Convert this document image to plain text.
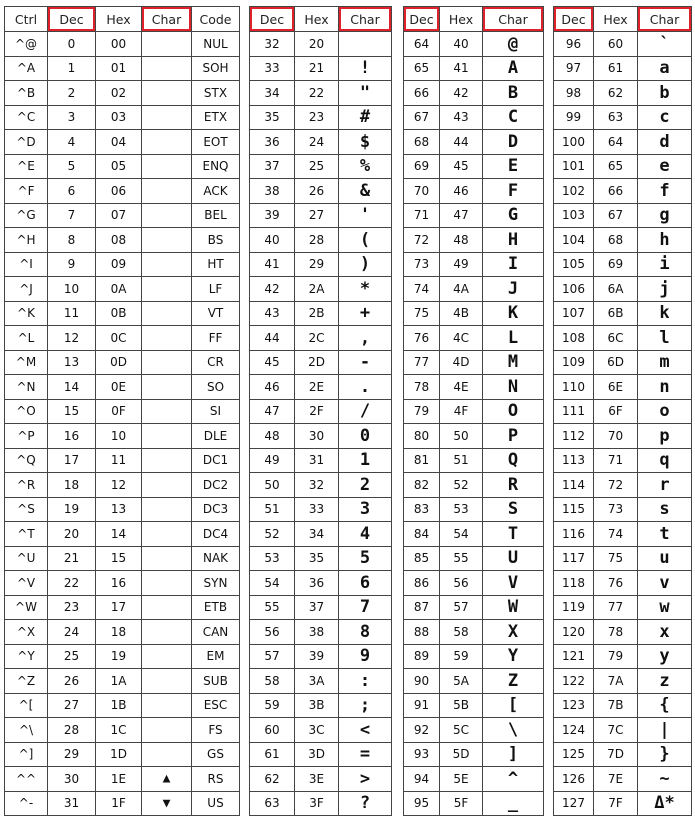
Ctrl	Dec	Hex	Char	Code
^@	0	00		NUL
^A	1	01		SOH
^B	2	02		STX
^C	3	03		ETX
^D	4	04		EOT
^E	5	05		ENQ
^F	6	06		ACK
^G	7	07		BEL
^H	8	08		BS
^I	9	09		HT
^J	10	0A		LF
^K	11	0B		VT
^L	12	0C		FF
^M	13	0D		CR
^N	14	0E		SO
^O	15	0F		SI
^P	16	10		DLE
^Q	17	11		DC1
^R	18	12		DC2
^S	19	13		DC3
^T	20	14		DC4
^U	21	15		NAK
^V	22	16		SYN
^W	23	17		ETB
^X	24	18		CAN
^Y	25	19		EM
^Z	26	1A		SUB
^[	27	1B		ESC
^\	28	1C		FS
^]	29	1D		GS
^^	30	1E	▲	RS
^-	31	1F	▼	US
Dec	Hex	Char
32	20	
33	21	!
34	22	"
35	23	#
36	24	$
37	25	%
38	26	&
39	27	'
40	28	(
41	29	)
42	2A	*
43	2B	+
44	2C	,
45	2D	-
46	2E	.
47	2F	/
48	30	0
49	31	1
50	32	2
51	33	3
52	34	4
53	35	5
54	36	6
55	37	7
56	38	8
57	39	9
58	3A	:
59	3B	;
60	3C	<
61	3D	=
62	3E	>
63	3F	?
Dec	Hex	Char
64	40	@
65	41	A
66	42	B
67	43	C
68	44	D
69	45	E
70	46	F
71	47	G
72	48	H
73	49	I
74	4A	J
75	4B	K
76	4C	L
77	4D	M
78	4E	N
79	4F	O
80	50	P
81	51	Q
82	52	R
83	53	S
84	54	T
85	55	U
86	56	V
87	57	W
88	58	X
89	59	Y
90	5A	Z
91	5B	[
92	5C	\
93	5D	]
94	5E	^
95	5F	_
Dec	Hex	Char
96	60	`
97	61	a
98	62	b
99	63	c
100	64	d
101	65	e
102	66	f
103	67	g
104	68	h
105	69	i
106	6A	j
107	6B	k
108	6C	l
109	6D	m
110	6E	n
111	6F	o
112	70	p
113	71	q
114	72	r
115	73	s
116	74	t
117	75	u
118	76	v
119	77	w
120	78	x
121	79	y
122	7A	z
123	7B	{
124	7C	|
125	7D	}
126	7E	~
127	7F	Δ*
